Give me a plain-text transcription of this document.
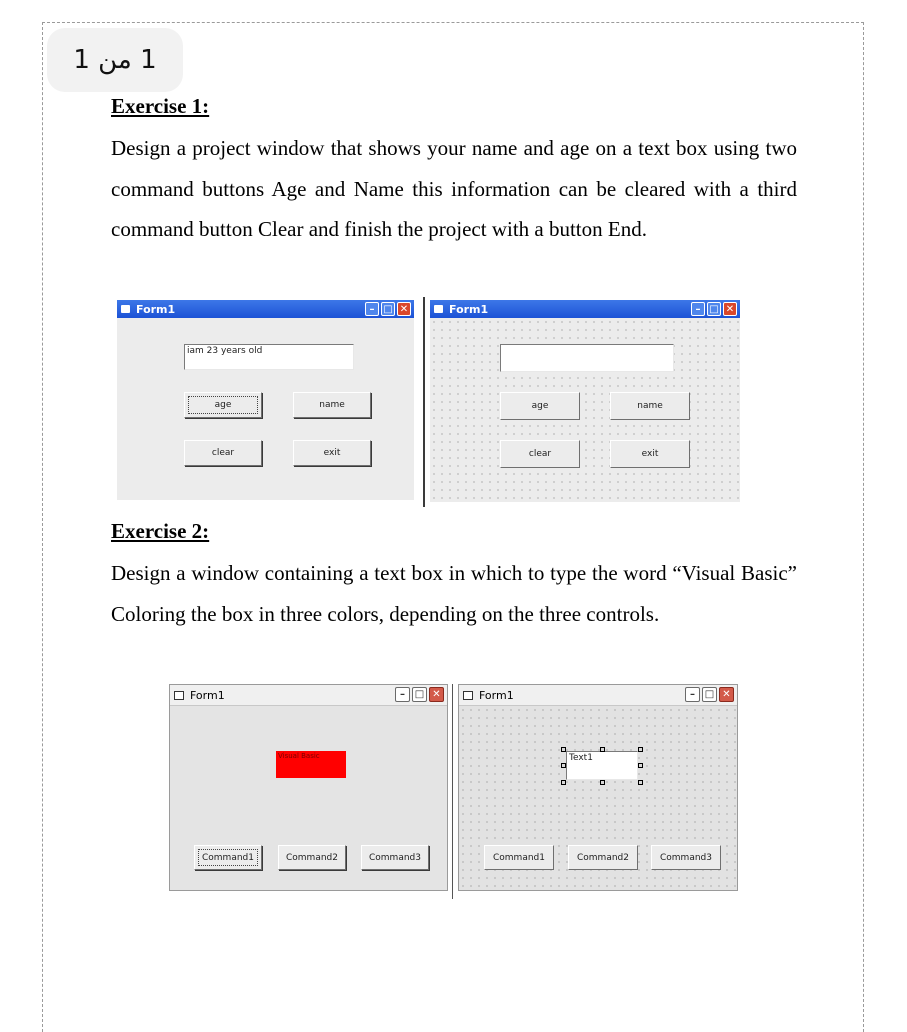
1 من 1
Exercise 1:

Design a project window that shows your name and age on a text box using two command buttons Age and Name this information can be cleared with a third command button Clear and finish the project with a button End.

Form1	– □ ✕
iam 23 years old
age	name
clear	exit
Form1	– □ ✕
age	name
clear	exit
Exercise 2:

Design a window containing a text box in which to type the word “Visual Basic” Coloring the box in three colors, depending on the three controls.

Form1	– □ ✕
Visual Basic
Command1	Command2	Command3
Form1	– □ ✕
Text1
Command1	Command2	Command3
